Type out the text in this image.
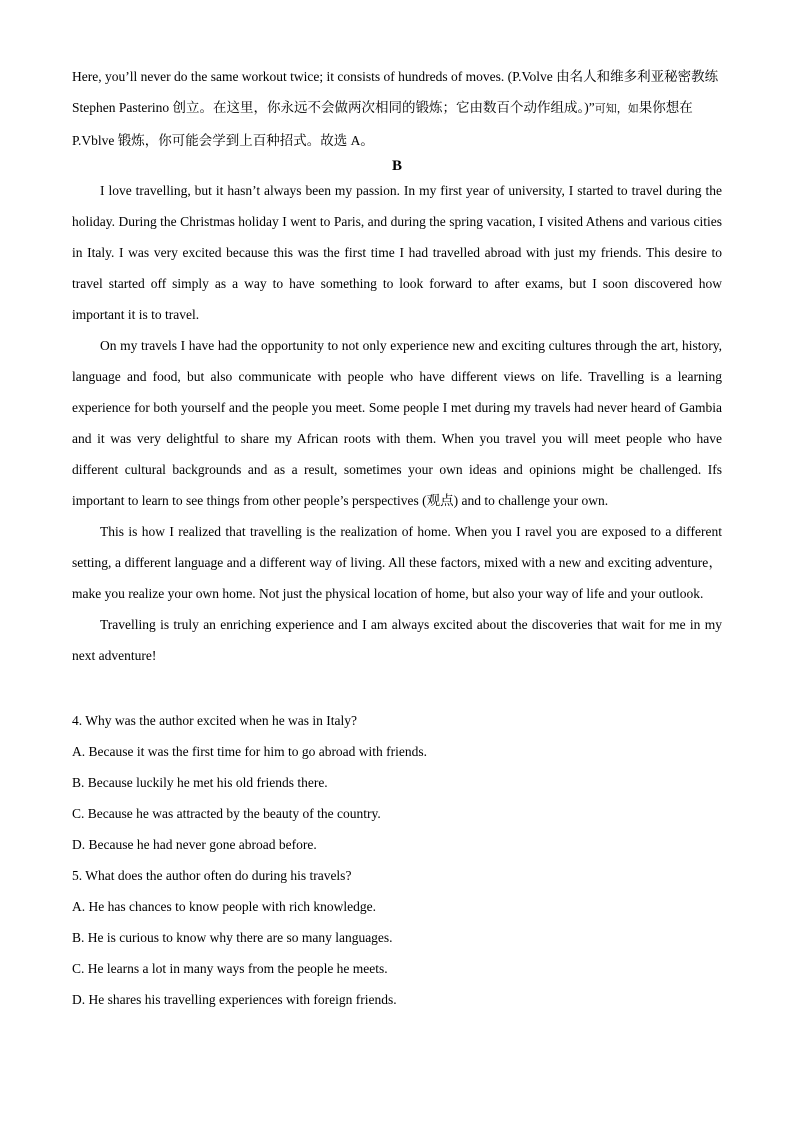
Here, you’ll never do the same workout twice; it consists of hundreds of moves. (P.Volve 由名人和维多利亚秘密教练 Stephen Pasterino 创立。在这里，你永远不会做两次相同的锻炼；它由数百个动作组成。)”可知，如果你想在 P.Vblve 锻炼，你可能会学到上百种招式。故选 A。
B

I love travelling, but it hasn’t always been my passion. In my first year of university, I started to travel during the holiday. During the Christmas holiday I went to Paris, and during the spring vacation, I visited Athens and various cities in Italy. I was very excited because this was the first time I had travelled abroad with just my friends. This desire to travel started off simply as a way to have something to look forward to after exams, but I soon discovered how important it is to travel.

On my travels I have had the opportunity to not only experience new and exciting cultures through the art, history, language and food, but also communicate with people who have different views on life. Travelling is a learning experience for both yourself and the people you meet. Some people I met during my travels had never heard of Gambia and it was very delightful to share my African roots with them. When you travel you will meet people who have different cultural backgrounds and as a result, sometimes your own ideas and opinions might be challenged. Ifs important to learn to see things from other people’s perspectives (观点) and to challenge your own.

This is how I realized that travelling is the realization of home. When you I ravel you are exposed to a different setting, a different language and a different way of living. All these factors, mixed with a new and exciting adventure，make you realize your own home. Not just the physical location of home, but also your way of life and your outlook.

Travelling is truly an enriching experience and I am always excited about the discoveries that wait for me in my next adventure!

4. Why was the author excited when he was in Italy?

A. Because it was the first time for him to go abroad with friends.

B. Because luckily he met his old friends there.

C. Because he was attracted by the beauty of the country.

D. Because he had never gone abroad before.

5. What does the author often do during his travels?

A. He has chances to know people with rich knowledge.

B. He is curious to know why there are so many languages.

C. He learns a lot in many ways from the people he meets.

D. He shares his travelling experiences with foreign friends.
